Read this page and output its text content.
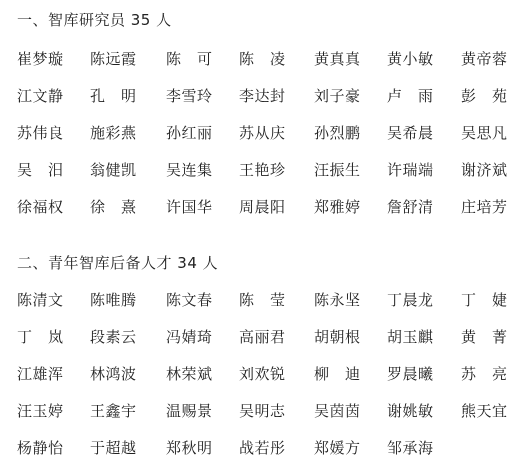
一、智库研究员 35 人
崔梦璇 陈远霞 陈　可 陈　凌 黄真真 黄小敏 黄帝蓉
江文静 孔　明 李雪玲 李达封 刘子豪 卢　雨 彭　苑
苏伟良 施彩燕 孙红丽 苏从庆 孙烈鹏 吴希晨 吴思凡
吴　汨 翁健凯 吴连集 王艳珍 汪振生 许瑞端 谢济斌
徐福权 徐　熹 许国华 周晨阳 郑雅婷 詹舒清 庄培芳
二、青年智库后备人才 34 人
陈清文 陈唯腾 陈文春 陈　莹 陈永坚 丁晨龙 丁　婕
丁　岚 段素云 冯婧琦 高丽君 胡朝根 胡玉麒 黄　菁
江雄浑 林鸿波 林荣斌 刘欢锐 柳　迪 罗晨曦 苏　亮
汪玉婷 王鑫宇 温赐景 吴明志 吴茵茵 谢姚敏 熊天宜
杨静怡 于超越 郑秋明 战若彤 郑媛方 邹承海
